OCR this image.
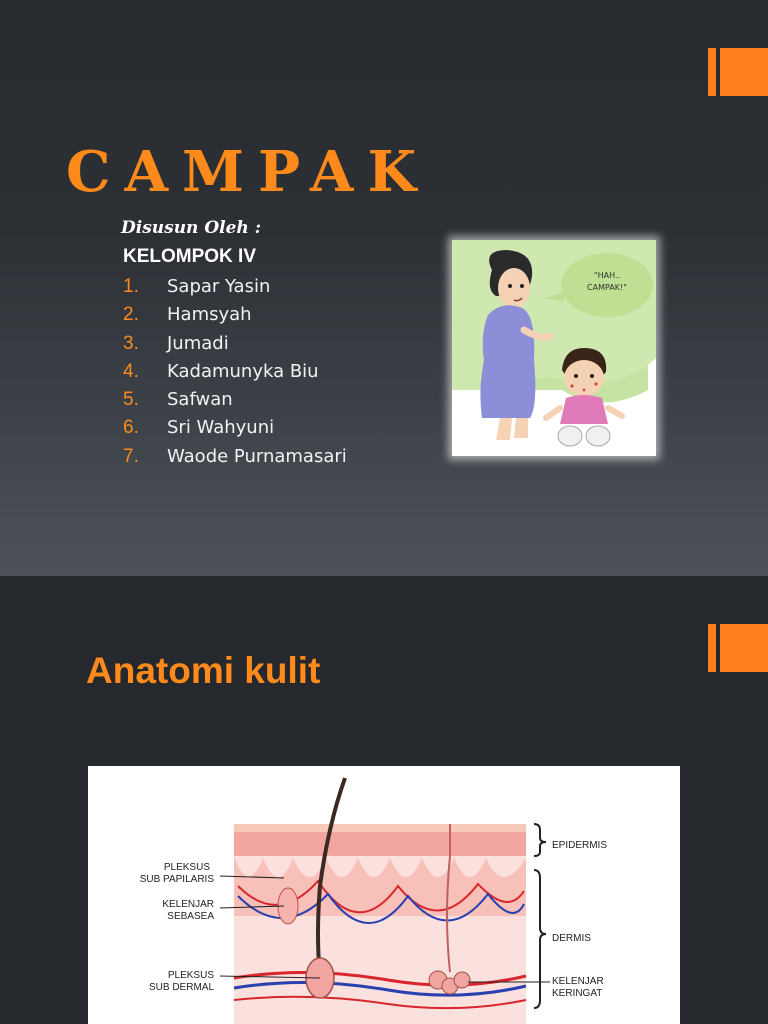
CAMPAK
Disusun Oleh :
KELOMPOK IV
1. Sapar Yasin
2. Hamsyah
3. Jumadi
4. Kadamunyka Biu
5. Safwan
6. Sri Wahyuni
7. Waode Purnamasari
"HAH..
CAMPAK!"
Anatomi kulit
PLEKSUS
SUB PAPILARIS
KELENJAR
SEBASEA
PLEKSUS
SUB DERMAL
EPIDERMIS
DERMIS
KELENJAR
KERINGAT
